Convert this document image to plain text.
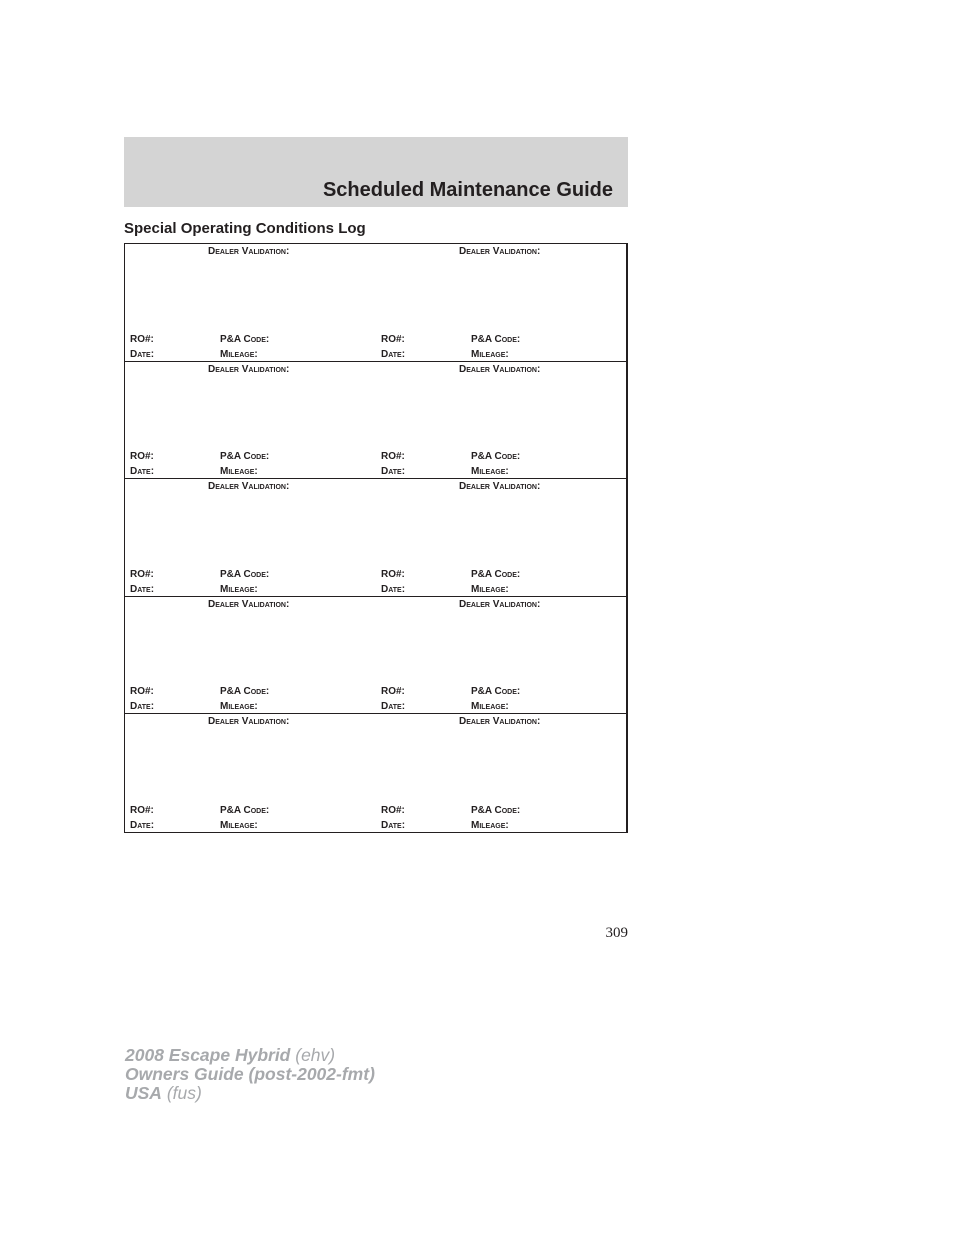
Scheduled Maintenance Guide
Special Operating Conditions Log
Dealer Validation:
RO#:	P&A Code:
Date:	Mileage:
Dealer Validation:
RO#:	P&A Code:
Date:	Mileage:
Dealer Validation:
RO#:	P&A Code:
Date:	Mileage:
Dealer Validation:
RO#:	P&A Code:
Date:	Mileage:
Dealer Validation:
RO#:	P&A Code:
Date:	Mileage:
Dealer Validation:
RO#:	P&A Code:
Date:	Mileage:
Dealer Validation:
RO#:	P&A Code:
Date:	Mileage:
Dealer Validation:
RO#:	P&A Code:
Date:	Mileage:
Dealer Validation:
RO#:	P&A Code:
Date:	Mileage:
Dealer Validation:
RO#:	P&A Code:
Date:	Mileage:

309

2008 Escape Hybrid (ehv)
Owners Guide (post-2002-fmt)
USA (fus)
